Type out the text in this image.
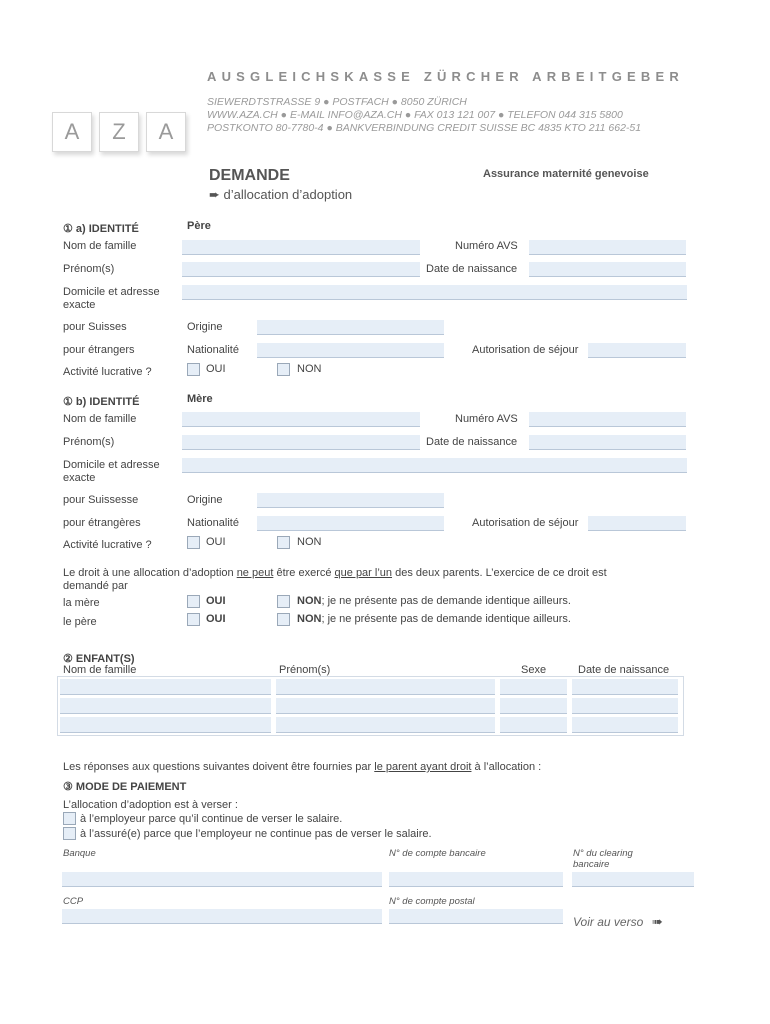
AUSGLEICHSKASSE ZÜRCHER ARBEITGEBER
SIEWERDTSTRASSE 9 ● POSTFACH ● 8050 ZÜRICH
WWW.AZA.CH ● E-MAIL INFO@AZA.CH ● FAX 013 121 007 ● TELEFON 044 315 5800
POSTKONTO 80-7780-4 ● BANKVERBINDUNG CREDIT SUISSE BC 4835 KTO 211 662-51
A	Z	A
DEMANDE
➨ d’allocation d’adoption
Assurance maternité genevoise
① a) IDENTITÉ	Père
Nom de famille	Numéro AVS
Prénom(s)	Date de naissance
Domicile et adresse
exacte
pour Suisses	Origine
pour étrangers	Nationalité	Autorisation de séjour
Activité lucrative ?	OUI	NON
① b) IDENTITÉ	Mère
Nom de famille	Numéro AVS
Prénom(s)	Date de naissance
Domicile et adresse
exacte
pour Suissesse	Origine
pour étrangères	Nationalité	Autorisation de séjour
Activité lucrative ?	OUI	NON
Le droit à une allocation d’adoption ne peut être exercé que par l’un des deux parents. L’exercice de ce droit est
demandé par
la mère	OUI	NON; je ne présente pas de demande identique ailleurs.
le père	OUI	NON; je ne présente pas de demande identique ailleurs.
② ENFANT(S)
Nom de famille	Prénom(s)	Sexe	Date de naissance
Les réponses aux questions suivantes doivent être fournies par le parent ayant droit à l’allocation :
③ MODE DE PAIEMENT
L’allocation d’adoption est à verser :
à l’employeur parce qu’il continue de verser le salaire.
à l’assuré(e) parce que l’employeur ne continue pas de verser le salaire.
Banque	N° de compte bancaire	N° du clearing
bancaire
CCP	N° de compte postal
Voir au verso ➠
